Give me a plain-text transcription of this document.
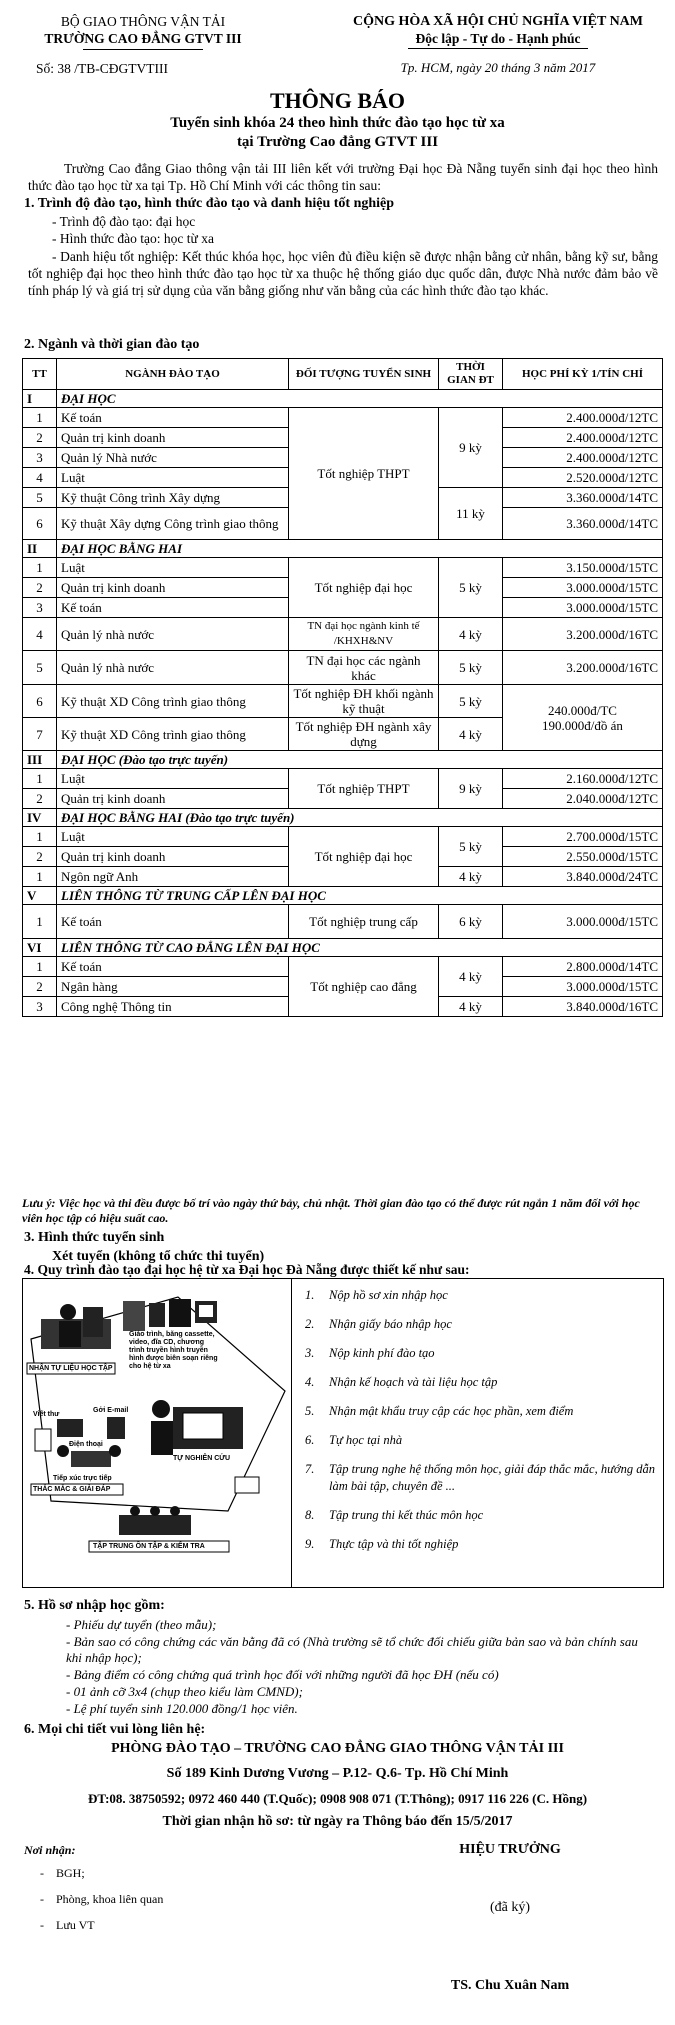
BỘ GIAO THÔNG VẬN TẢI
TRƯỜNG CAO ĐẲNG GTVT III
Số: 38 /TB-CĐGTVTIII
CỘNG HÒA XÃ HỘI CHỦ NGHĨA VIỆT NAM
Độc lập - Tự do - Hạnh phúc
Tp. HCM, ngày 20 tháng 3 năm 2017
THÔNG BÁO
Tuyển sinh khóa 24 theo hình thức đào tạo học từ xa
tại Trường Cao đẳng GTVT III
Trường Cao đẳng Giao thông vận tải III liên kết với trường Đại học Đà Nẵng tuyển sinh đại học theo hình thức đào tạo học từ xa tại Tp. Hồ Chí Minh với các thông tin sau:
1. Trình độ đào tạo, hình thức đào tạo và danh hiệu tốt nghiệp
- Trình độ đào tạo: đại học
- Hình thức đào tạo: học từ xa
- Danh hiệu tốt nghiệp: Kết thúc khóa học, học viên đủ điều kiện sẽ được nhận bằng cử nhân, bằng kỹ sư, bằng tốt nghiệp đại học theo hình thức đào tạo học từ xa thuộc hệ thống giáo dục quốc dân, được Nhà nước đảm bảo về tính pháp lý và giá trị sử dụng của văn bằng giống như văn bằng của các hình thức đào tạo khác.
2. Ngành và thời gian đào tạo
TT	NGÀNH ĐÀO TẠO	ĐỐI TƯỢNG TUYỂN SINH	THỜI GIAN ĐT	HỌC PHÍ KỲ 1/TÍN CHỈ
I	ĐẠI HỌC			
1	Kế toán	Tốt nghiệp THPT	9 kỳ	2.400.000đ/12TC
2	Quản trị kinh doanh			2.400.000đ/12TC
3	Quản lý Nhà nước			2.400.000đ/12TC
4	Luật			2.520.000đ/12TC
5	Kỹ thuật Công trình Xây dựng		11 kỳ	3.360.000đ/14TC
6	Kỹ thuật Xây dựng Công trình giao thông			3.360.000đ/14TC
II	ĐẠI HỌC BẰNG HAI			
1	Luật	Tốt nghiệp đại học	5 kỳ	3.150.000đ/15TC
2	Quản trị kinh doanh			3.000.000đ/15TC
3	Kế toán			3.000.000đ/15TC
4	Quản lý nhà nước	TN đại học ngành kinh tế /KHXH&NV	4 kỳ	3.200.000đ/16TC
5	Quản lý nhà nước	TN đại học các ngành khác	5 kỳ	3.200.000đ/16TC
6	Kỹ thuật XD Công trình giao thông	Tốt nghiệp ĐH khối ngành kỹ thuật	5 kỳ	240.000đ/TC
190.000đ/đồ án

7	Kỹ thuật XD Công trình giao thông	Tốt nghiệp ĐH ngành xây dựng	4 kỳ	
III	ĐẠI HỌC (Đào tạo trực tuyến)			
1	Luật	Tốt nghiệp THPT	9 kỳ	2.160.000đ/12TC
2	Quản trị kinh doanh			2.040.000đ/12TC
IV	ĐẠI HỌC BẰNG HAI (Đào tạo trực tuyến)			
1	Luật	Tốt nghiệp đại học	5 kỳ	2.700.000đ/15TC
2	Quản trị kinh doanh			2.550.000đ/15TC
1	Ngôn ngữ Anh		4 kỳ	3.840.000đ/24TC
V	LIÊN THÔNG TỪ TRUNG CẤP LÊN ĐẠI HỌC			
1	Kế toán	Tốt nghiệp trung cấp	6 kỳ	3.000.000đ/15TC
VI	LIÊN THÔNG TỪ CAO ĐẲNG LÊN ĐẠI HỌC			
1	Kế toán	Tốt nghiệp cao đẳng	4 kỳ	2.800.000đ/14TC
2	Ngân hàng			3.000.000đ/15TC
3	Công nghệ Thông tin		4 kỳ	3.840.000đ/16TC
Lưu ý: Việc học và thi đều được bố trí vào ngày thứ bảy, chủ nhật. Thời gian đào tạo có thể được rút ngắn 1 năm đối với học viên học tập có hiệu suất cao.
3. Hình thức tuyển sinh
Xét tuyển (không tổ chức thi tuyển)
4. Quy trình đào tạo đại học hệ từ xa Đại học Đà Nẵng được thiết kế như sau:
Giáo trình, băng cassette, video, đĩa CD, chương trình truyền hình truyền hình được biên soạn riêng cho hệ từ xa
NHẬN TỰ LIỆU HỌC TẬP
TỰ NGHIÊN CỨU
Viết thư
Gởi E-mail
Điện thoại
Tiếp xúc trực tiếp
THẮC MẮC & GIẢI ĐÁP
TẬP TRUNG ÔN TẬP & KIỂM TRA
1. Nộp hồ sơ xin nhập học
2. Nhận giấy báo nhập học
3. Nộp kinh phí đào tạo
4. Nhận kế hoạch và tài liệu học tập
5. Nhận mật khẩu truy cập các học phần, xem điểm
6. Tự học tại nhà
7. Tập trung nghe hệ thống môn học, giải đáp thắc mắc, hướng dẫn làm bài tập, chuyên đề ...
8. Tập trung thi kết thúc môn học
9. Thực tập và thi tốt nghiệp
5. Hồ sơ nhập học gồm:
- Phiếu dự tuyển (theo mẫu);
- Bản sao có công chứng các văn bằng đã có (Nhà trường sẽ tổ chức đối chiếu giữa bản sao và bản chính sau khi nhập học);
- Bảng điểm có công chứng quá trình học đối với những người đã học ĐH (nếu có)
- 01 ảnh cỡ 3x4 (chụp theo kiểu làm CMND);
- Lệ phí tuyển sinh 120.000 đồng/1 học viên.
6. Mọi chi tiết vui lòng liên hệ:
PHÒNG ĐÀO TẠO – TRƯỜNG CAO ĐẲNG GIAO THÔNG VẬN TẢI III
Số 189 Kinh Dương Vương – P.12- Q.6- Tp. Hồ Chí Minh
ĐT:08. 38750592; 0972 460 440 (T.Quốc); 0908 908 071 (T.Thông); 0917 116 226 (C. Hồng)
Thời gian nhận hồ sơ: từ ngày ra Thông báo đến 15/5/2017
Nơi nhận:
-    BGH;
-    Phòng, khoa liên quan
-    Lưu VT
HIỆU TRƯỞNG
(đã ký)
TS. Chu Xuân Nam
